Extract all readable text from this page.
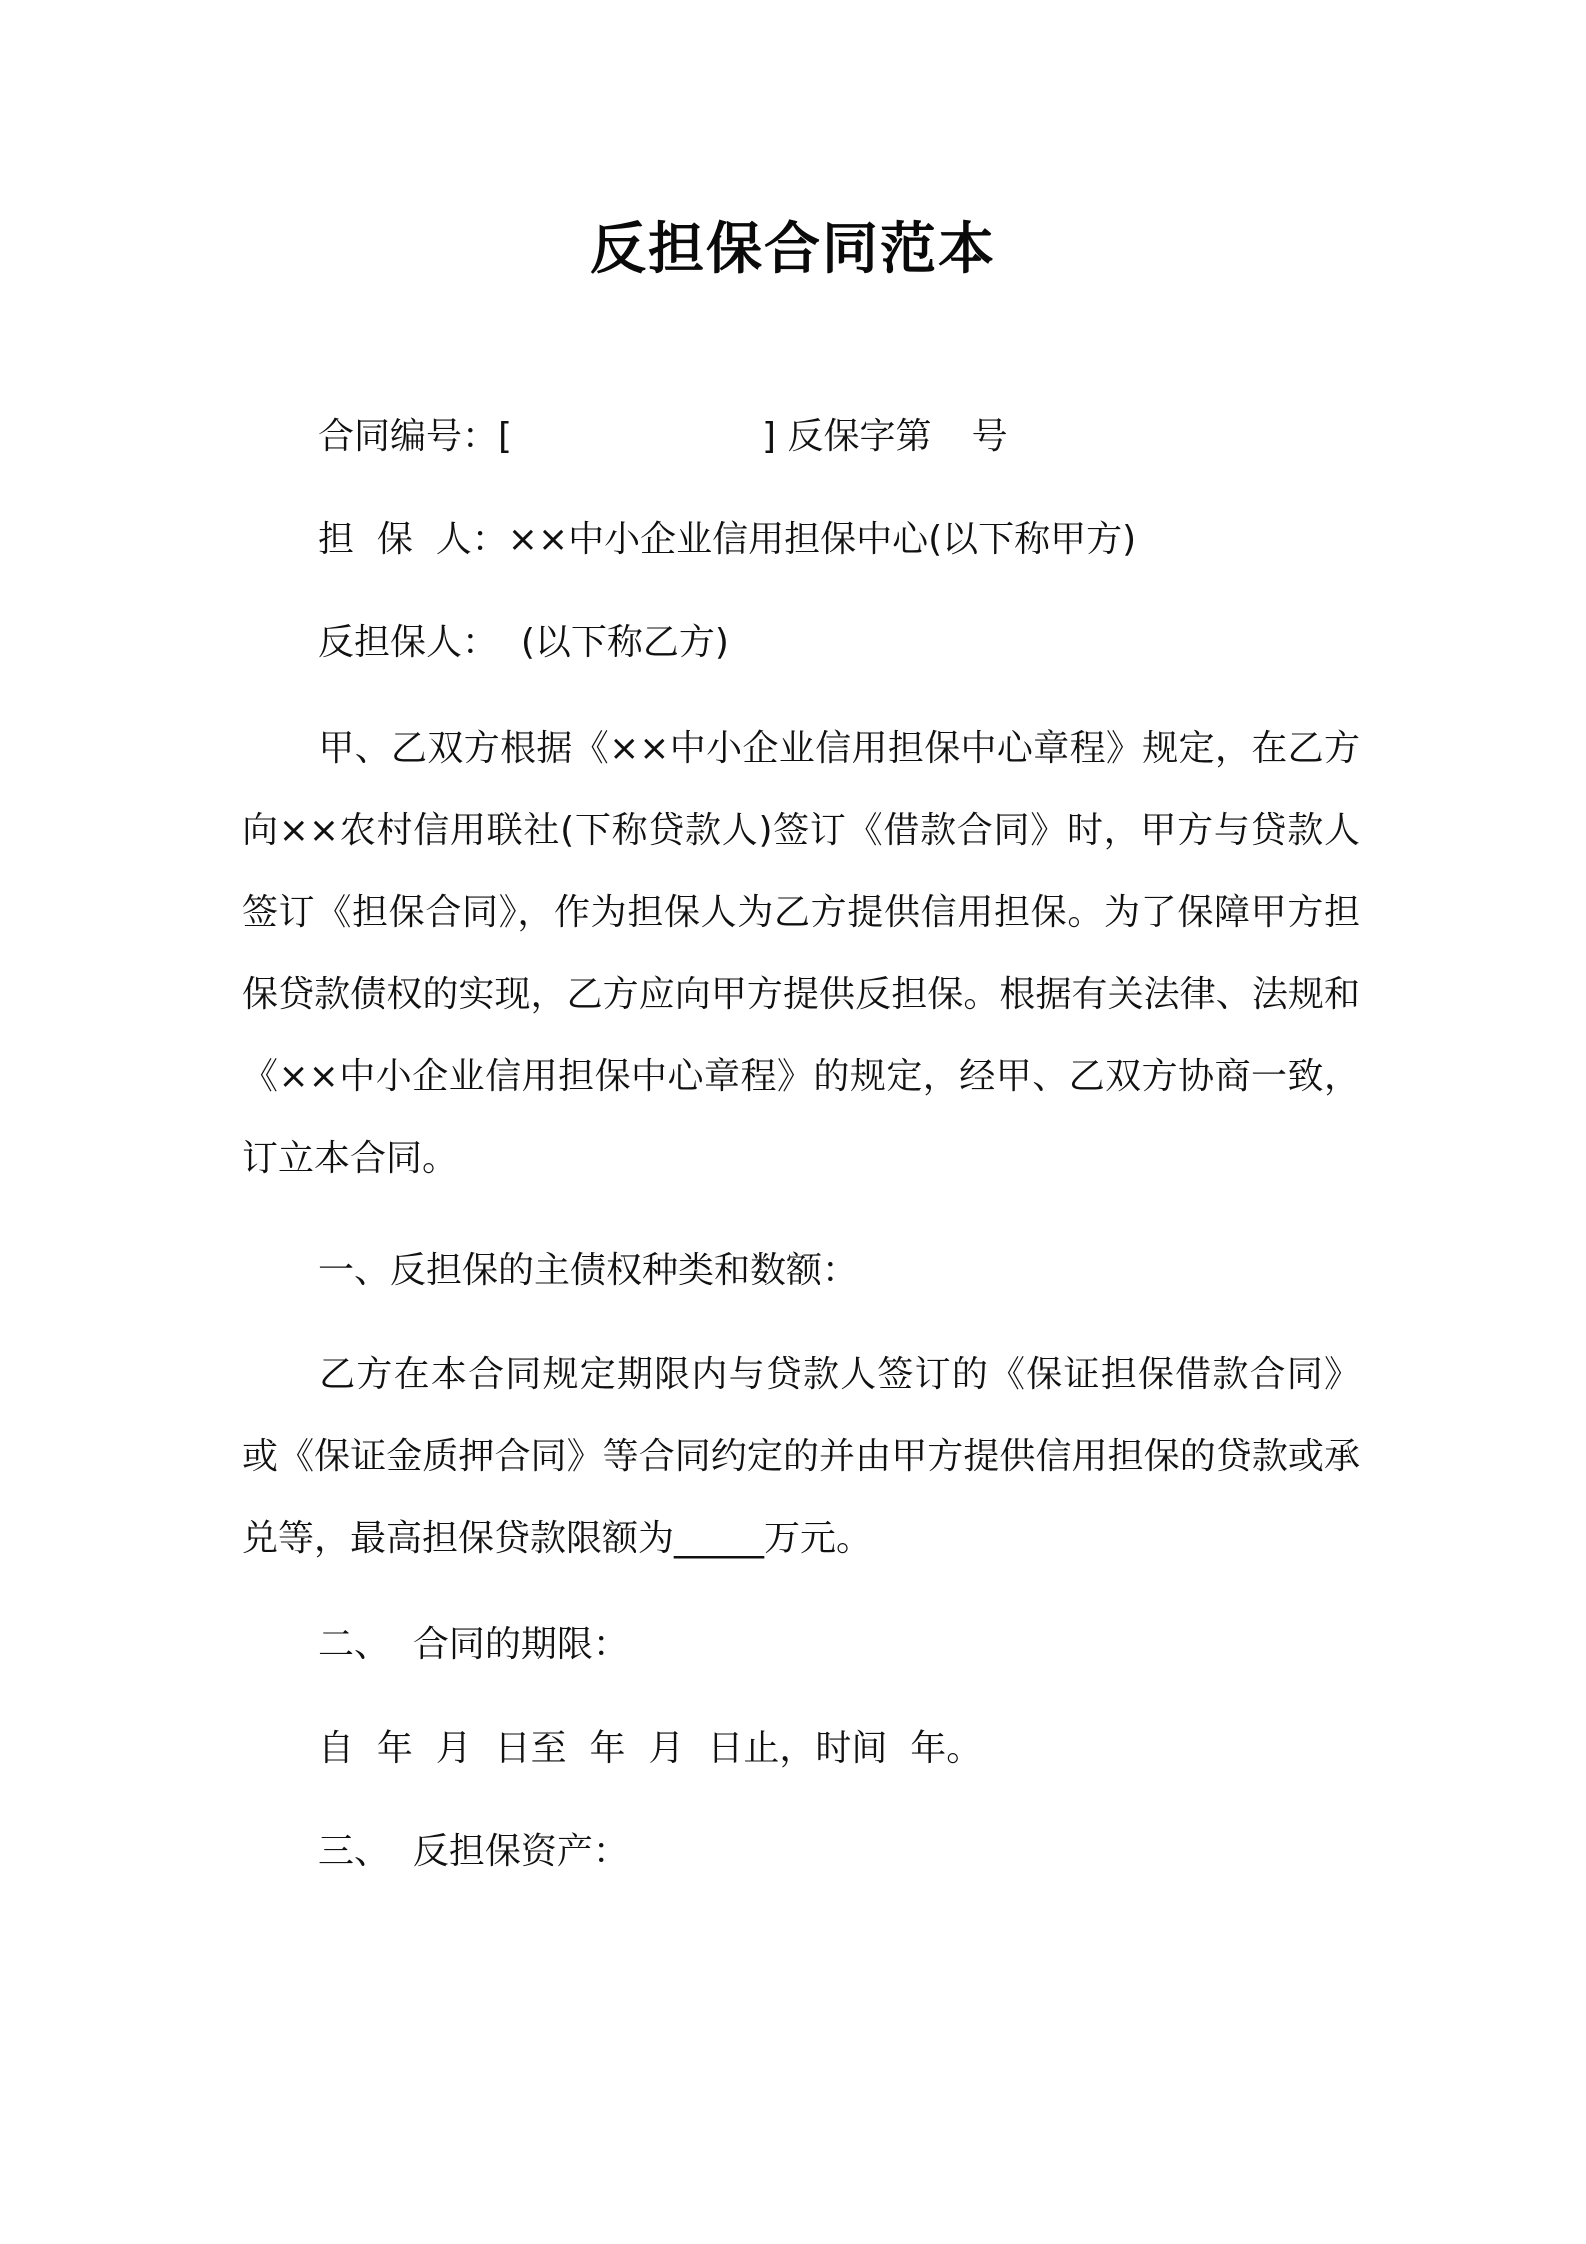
反担保合同范本
合同编号：[	] 反保字第 号
担  保  人：××中小企业信用担保中心(以下称甲方)
反担保人：  (以下称乙方)
甲、乙双方根据《××中小企业信用担保中心章程》规定，在乙方向××农村信用联社(下称贷款人)签订《借款合同》时，甲方与贷款人签订《担保合同》，作为担保人为乙方提供信用担保。为了保障甲方担保贷款债权的实现，乙方应向甲方提供反担保。根据有关法律、法规和《××中小企业信用担保中心章程》的规定，经甲、乙双方协商一致，订立本合同。
一、反担保的主债权种类和数额：
乙方在本合同规定期限内与贷款人签订的《保证担保借款合同》或《保证金质押合同》等合同约定的并由甲方提供信用担保的贷款或承兑等，最高担保贷款限额为_____万元。
二、  合同的期限：
自  年  月  日至  年  月  日止，时间  年。
三、  反担保资产：
